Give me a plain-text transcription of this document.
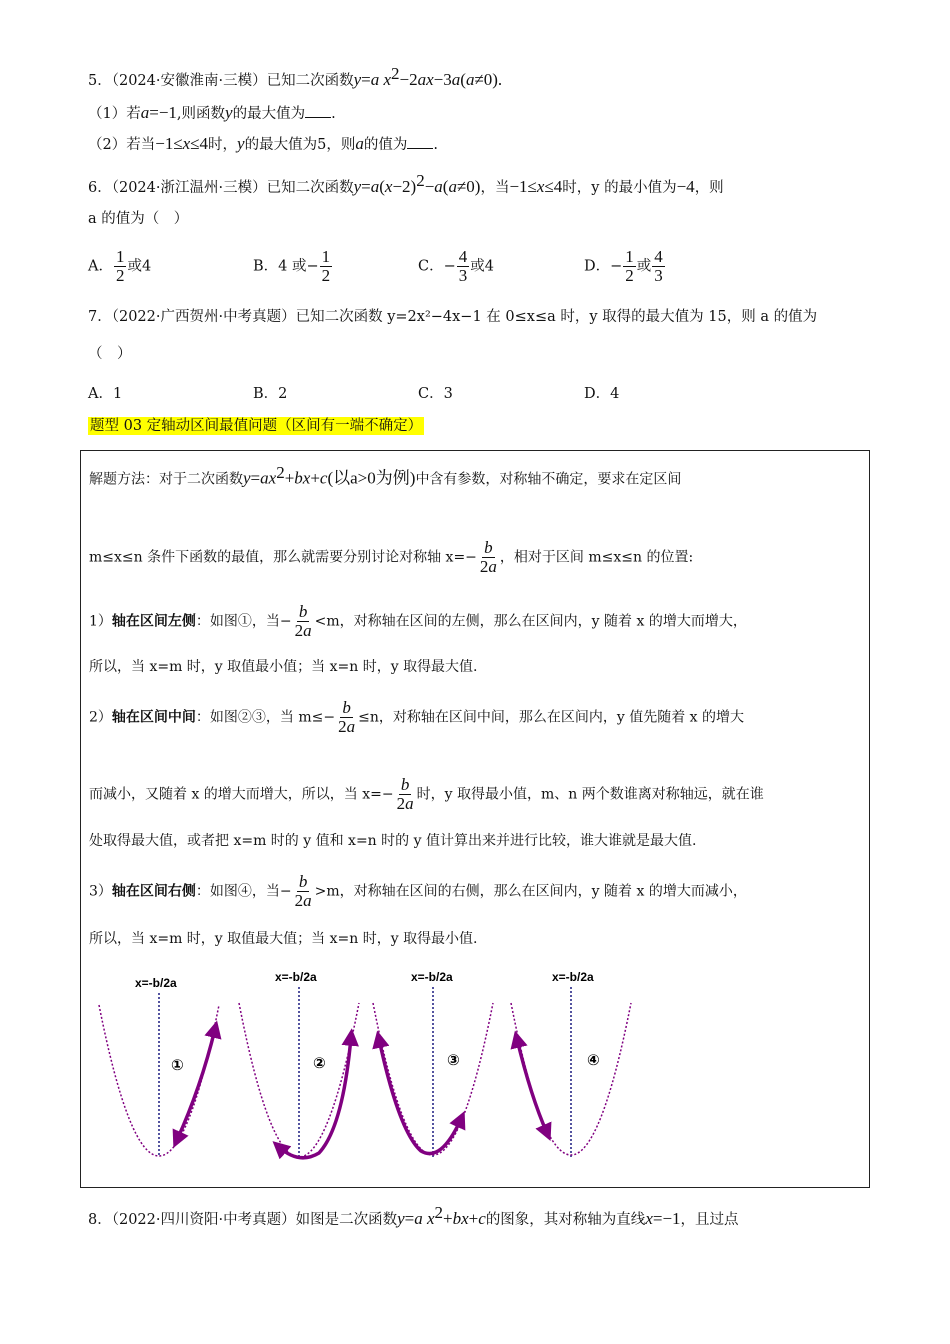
5．（2024·安徽淮南·三模）已知二次函数y=a $x^2-2ax-3a(a\ne 0)$.
（1）若a=−1,则函数y的最大值为 .
（2）若当−1≤x≤4时，y的最大值为5，则a的值为 .
6．（2024·浙江温州·三模）已知二次函数$y=a(x-2)^2-a(a\ne 0)$，当−1≤x≤4时，y 的最小值为−4，则
a 的值为（　）
A． $\frac{1}{2}$ 或4	B．4 或− $\frac{1}{2}$	C．− $\frac{4}{3}$ 或4	D．− $\frac{1}{2}$ 或 $\frac{4}{3}$
7．（2022·广西贺州·中考真题）已知二次函数 y=2x²−4x−1 在 0≤x≤a 时，y 取得的最大值为 15，则 a 的值为
（　）
A．1	B．2	C．3	D．4
题型 03 定轴动区间最值问题（区间有一端不确定）
解题方法：对于二次函数$y=ax^2+bx+c$(以a>0为例)中含有参数，对称轴不确定，要求在定区间
m≤x≤n 条件下函数的最值，那么就需要分别讨论对称轴 $x=- \frac{b}{2a}$ ，相对于区间 m≤x≤n 的位置:
1）轴在区间左侧：如图①，当− $\frac{b}{2a} <m$，对称轴在区间的左侧，那么在区间内，y 随着 x 的增大而增大，
所以，当 x=m 时，y 取值最小值；当 x=n 时，y 取得最大值.
2）轴在区间中间：如图②③，当 $m\le- \frac{b}{2a} \le n$，对称轴在区间中间，那么在区间内，y 值先随着 x 的增大
而减小，又随着 x 的增大而增大，所以，当 $x=- \frac{b}{2a}$ 时，y 取得最小值，m、n 两个数谁离对称轴远，就在谁
处取得最大值，或者把 x=m 时的 y 值和 x=n 时的 y 值计算出来并进行比较，谁大谁就是最大值.
3）轴在区间右侧：如图④，当− $\frac{b}{2a} >m$，对称轴在区间的右侧，那么在区间内，y 随着 x 的增大而减小，
所以，当 x=m 时，y 取值最大值；当 x=n 时，y 取得最小值.
x=-b/2a
①
x=-b/2a
②
x=-b/2a
③
x=-b/2a
④
8．（2022·四川资阳·中考真题）如图是二次函数y=a $x^2+bx+c$的图象，其对称轴为直线x=−1，且过点
